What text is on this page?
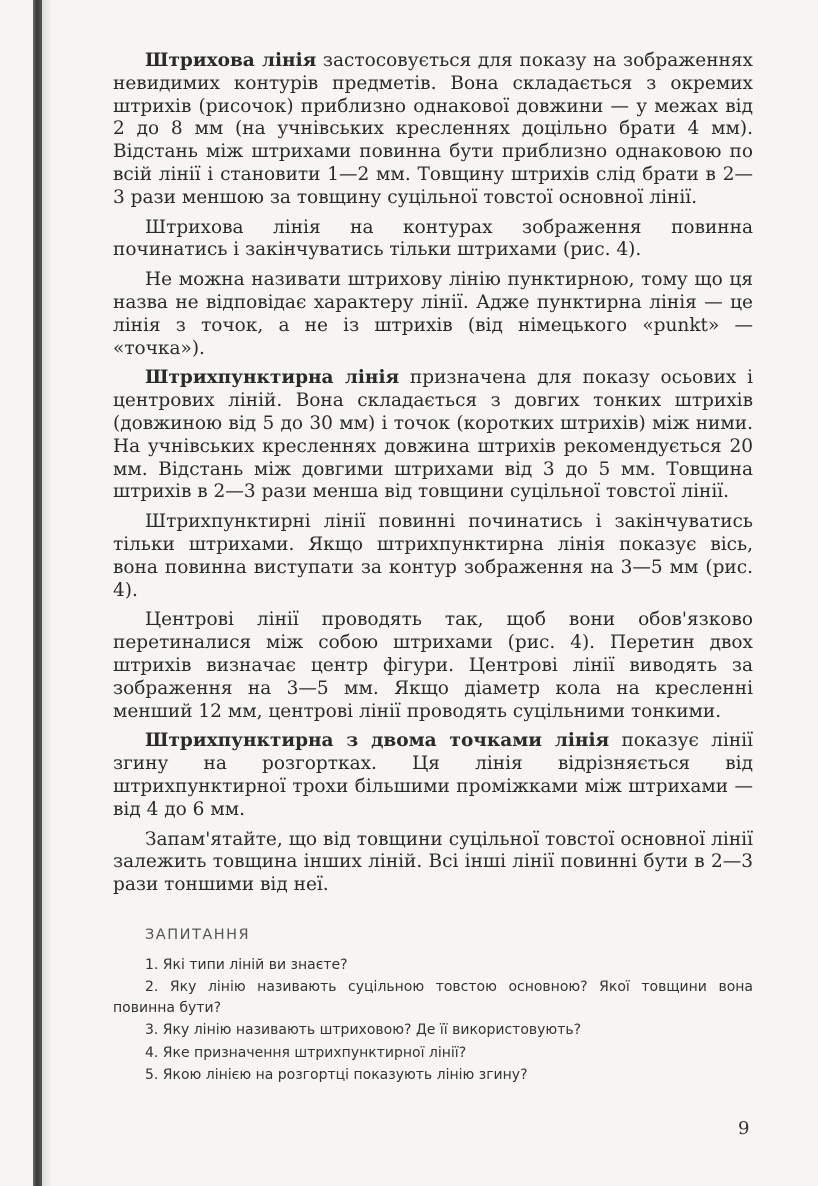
Штрихова лінія застосовується для показу на зображеннях невидимих контурів предметів. Вона складається з окремих штрихів (рисочок) приблизно однакової довжини — у межах від 2 до 8 мм (на учнівських кресленнях доцільно брати 4 мм). Відстань між штрихами повинна бути приблизно однаковою по всій лінії і становити 1—2 мм. Товщину штрихів слід брати в 2—3 рази меншою за товщину суцільної товстої основної лінії.

Штрихова лінія на контурах зображення повинна починатись і закінчуватись тільки штрихами (рис. 4).

Не можна називати штрихову лінію пунктирною, тому що ця назва не відповідає характеру лінії. Адже пунктирна лінія — це лінія з точок, а не із штрихів (від німецького «punkt» — «точка»).

Штрихпунктирна лінія призначена для показу осьових і центрових ліній. Вона складається з довгих тонких штрихів (довжиною від 5 до 30 мм) і точок (коротких штрихів) між ними. На учнівських кресленнях довжина штрихів рекомендується 20 мм. Відстань між довгими штрихами від 3 до 5 мм. Товщина штрихів в 2—3 рази менша від товщини суцільної товстої лінії.

Штрихпунктирні лінії повинні починатись і закінчуватись тільки штрихами. Якщо штрихпунктирна лінія показує вісь, вона повинна виступати за контур зображення на 3—5 мм (рис. 4).

Центрові лінії проводять так, щоб вони обов'язково перетиналися між собою штрихами (рис. 4). Перетин двох штрихів визначає центр фігури. Центрові лінії виводять за зображення на 3—5 мм. Якщо діаметр кола на кресленні менший 12 мм, центрові лінії проводять суцільними тонкими.

Штрихпунктирна з двома точками лінія показує лінії згину на розгортках. Ця лінія відрізняється від штрихпунктирної трохи більшими проміжками між штрихами — від 4 до 6 мм.

Запам'ятайте, що від товщини суцільної товстої основної лінії залежить товщина інших ліній. Всі інші лінії повинні бути в 2—3 рази тоншими від неї.

ЗАПИТАННЯ

1. Які типи ліній ви знаєте?

2. Яку лінію називають суцільною товстою основною? Якої товщини вона повинна бути?

3. Яку лінію називають штриховою? Де її використовують?

4. Яке призначення штрихпунктирної лінії?

5. Якою лінією на розгортці показують лінію згину?

9
